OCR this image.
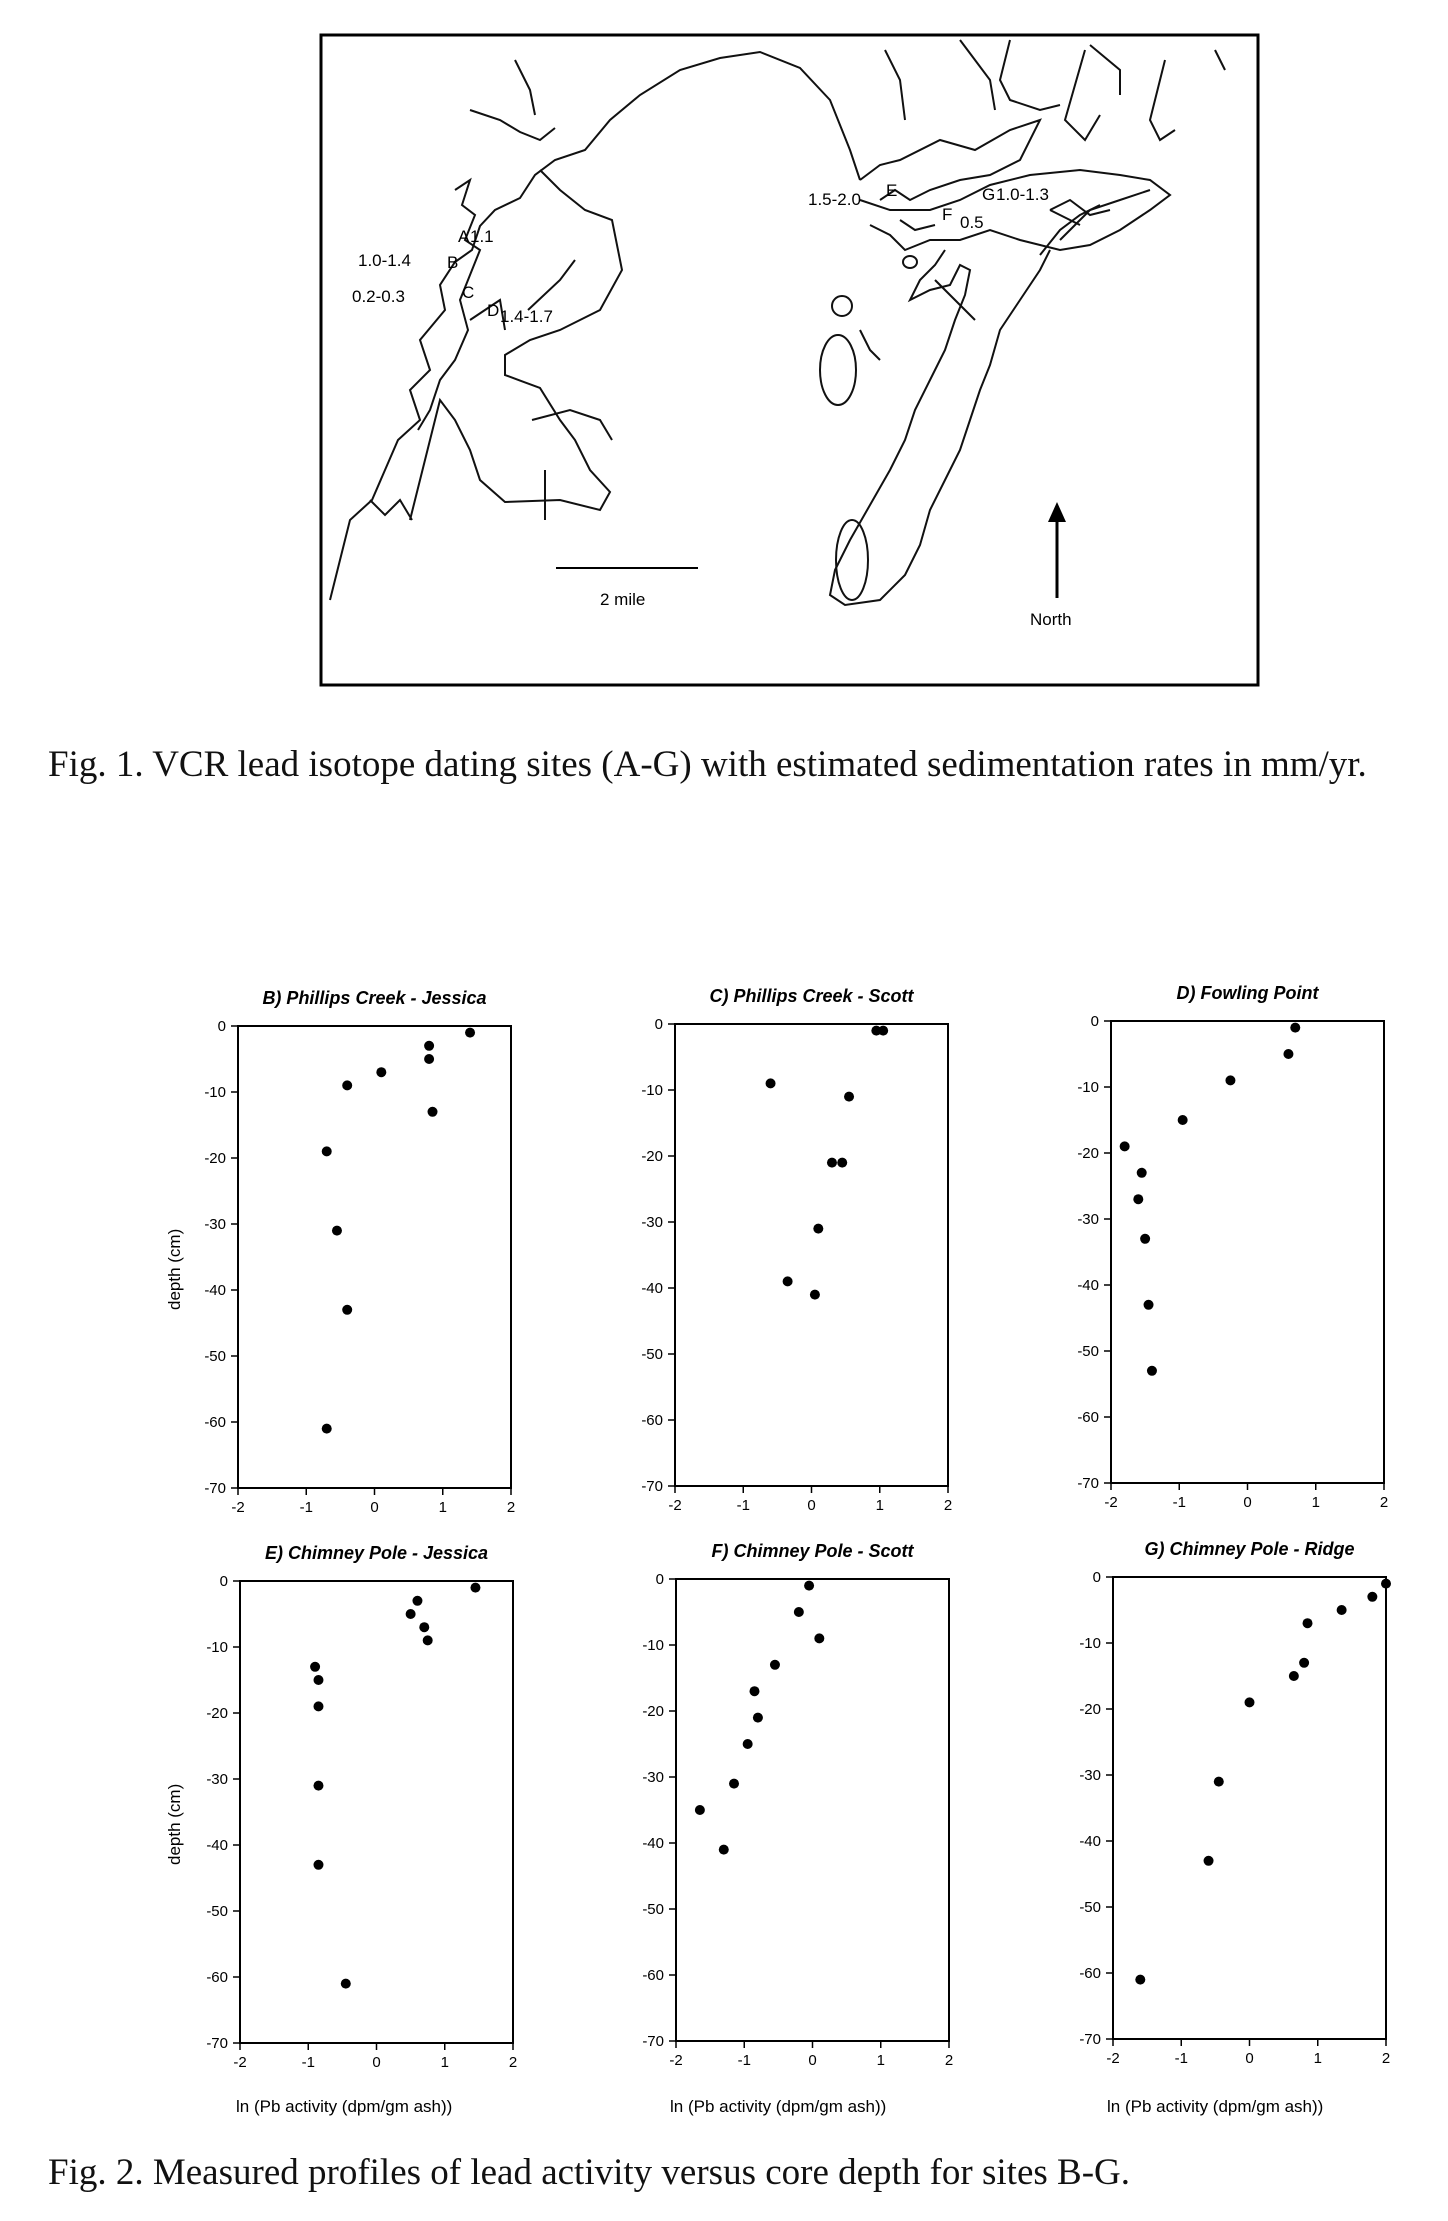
A 1.1
1.0-1.4 B
0.2-0.3	C
D 1.4-1.7
1.5-2.0 E
F 0.5
G 1.0-1.3
2 mile
North
Fig. 1. VCR lead isotope dating sites (A-G) with estimated sedimentation rates in mm/yr.
B) Phillips Creek - Jessica
-2	-1	0	1	2
0
-10
-20
-30
-40
-50
-60
-70
C) Phillips Creek - Scott
-2	-1	0	1	2
0
-10
-20
-30
-40
-50
-60
-70
D) Fowling Point
-2	-1	0	1	2
0
-10
-20
-30
-40
-50
-60
-70
E) Chimney Pole - Jessica
-2	-1	0	1	2
0
-10
-20
-30
-40
-50
-60
-70
F) Chimney Pole - Scott
-2	-1	0	1	2
0
-10
-20
-30
-40
-50
-60
-70
G) Chimney Pole - Ridge
-2	-1	0	1	2
0
-10
-20
-30
-40
-50
-60
-70
depth (cm)
depth (cm)
ln (Pb activity (dpm/gm ash))	ln (Pb activity (dpm/gm ash))	ln (Pb activity (dpm/gm ash))
Fig. 2. Measured profiles of lead activity versus core depth for sites B-G.
